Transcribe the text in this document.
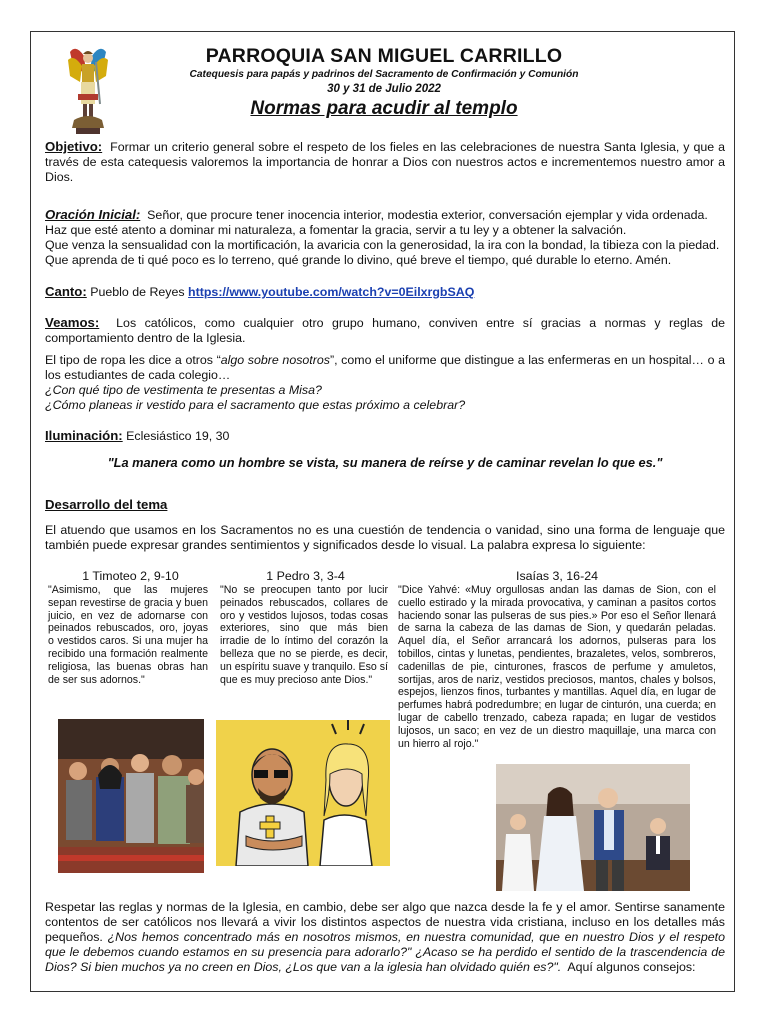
PARROQUIA SAN MIGUEL CARRILLO
Catequesis para papás y padrinos del Sacramento de Confirmación y Comunión
30 y 31 de Julio 2022
Normas para acudir al templo
Objetivo: Formar un criterio general sobre el respeto de los fieles en las celebraciones de nuestra Santa Iglesia, y que a través de esta catequesis valoremos la importancia de honrar a Dios con nuestros actos e incrementemos nuestro amor a Dios.
Oración Inicial: Señor, que procure tener inocencia interior, modestia exterior, conversación ejemplar y vida ordenada.
Haz que esté atento a dominar mi naturaleza, a fomentar la gracia, servir a tu ley y a obtener la salvación.
Que venza la sensualidad con la mortificación, la avaricia con la generosidad, la ira con la bondad, la tibieza con la piedad.
Que aprenda de ti qué poco es lo terreno, qué grande lo divino, qué breve el tiempo, qué durable lo eterno. Amén.
Canto: Pueblo de Reyes https://www.youtube.com/watch?v=0EilxrgbSAQ
Veamos: Los católicos, como cualquier otro grupo humano, conviven entre sí gracias a normas y reglas de comportamiento dentro de la Iglesia.
El tipo de ropa les dice a otros “algo sobre nosotros”, como el uniforme que distingue a las enfermeras en un hospital… o a los estudiantes de cada colegio…
¿Con qué tipo de vestimenta te presentas a Misa?
¿Cómo planeas ir vestido para el sacramento que estas próximo a celebrar?
Iluminación: Eclesiástico 19, 30
"La manera como un hombre se vista, su manera de reírse y de caminar revelan lo que es."
Desarrollo del tema
El atuendo que usamos en los Sacramentos no es una cuestión de tendencia o vanidad, sino una forma de lenguaje que también puede expresar grandes sentimientos y significados desde lo visual. La palabra expresa lo siguiente:
1 Timoteo 2, 9-10
"Asimismo, que las mujeres sepan revestirse de gracia y buen juicio, en vez de adornarse con peinados rebuscados, oro, joyas o vestidos caros. Si una mujer ha recibido una formación realmente religiosa, las buenas obras han de ser sus adornos."
1 Pedro 3, 3-4
"No se preocupen tanto por lucir peinados rebuscados, collares de oro y vestidos lujosos, todas cosas exteriores, sino que más bien irradie de lo íntimo del corazón la belleza que no se pierde, es decir, un espíritu suave y tranquilo. Eso sí que es muy precioso ante Dios."
Isaías 3, 16-24
"Dice Yahvé: «Muy orgullosas andan las damas de Sion, con el cuello estirado y la mirada provocativa, y caminan a pasitos cortos haciendo sonar las pulseras de sus pies.» Por eso el Señor llenará de sarna la cabeza de las damas de Sion, y quedarán peladas. Aquel día, el Señor arrancará los adornos, pulseras para los tobillos, cintas y lunetas, pendientes, brazaletes, velos, sombreros, cadenillas de pie, cinturones, frascos de perfume y amuletos, sortijas, aros de nariz, vestidos preciosos, mantos, chales y bolsos, espejos, lienzos finos, turbantes y mantillas. Aquel día, en lugar de perfumes habrá podredumbre; en lugar de cinturón, una cuerda; en lugar de cabello trenzado, cabeza rapada; en lugar de vestidos lujosos, un saco; en vez de un diestro maquillaje, una marca con un hierro al rojo."
Respetar las reglas y normas de la Iglesia, en cambio, debe ser algo que nazca desde la fe y el amor. Sentirse sanamente contentos de ser católicos nos llevará a vivir los distintos aspectos de nuestra vida cristiana, incluso en los detalles más pequeños. ¿Nos hemos concentrado más en nosotros mismos, en nuestra comunidad, que en nuestro Dios y el respeto que le debemos cuando estamos en su presencia para adorarlo?" ¿Acaso se ha perdido el sentido de la trascendencia de Dios? Si bien muchos ya no creen en Dios, ¿Los que van a la iglesia han olvidado quién es?". Aquí algunos consejos:
